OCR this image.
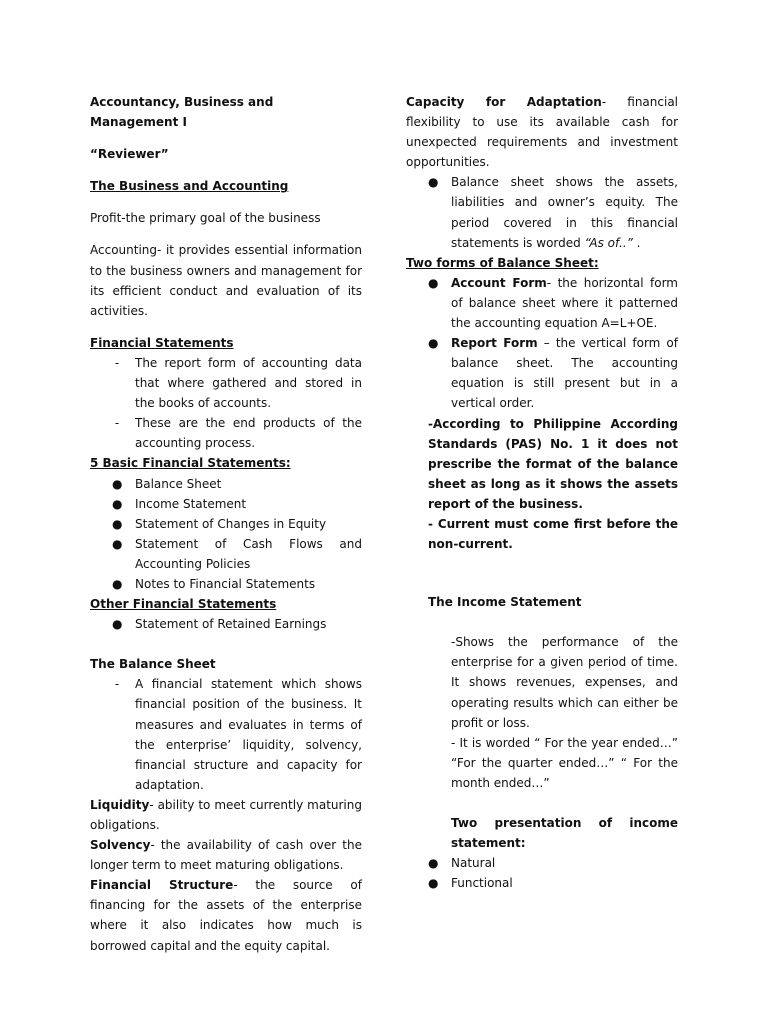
Accountancy, Business and Management I

“Reviewer”

The Business and Accounting

Profit-the primary goal of the business

Accounting- it provides essential information to the business owners and management for its efficient conduct and evaluation of its activities.

Financial Statements

- The report form of accounting data that where gathered and stored in the books of accounts.
- These are the end products of the accounting process.

5 Basic Financial Statements:

● Balance Sheet
● Income Statement
● Statement of Changes in Equity
● Statement of Cash Flows and Accounting Policies
● Notes to Financial Statements

Other Financial Statements

● Statement of Retained Earnings

The Balance Sheet

- A financial statement which shows financial position of the business. It measures and evaluates in terms of the enterprise’ liquidity, solvency, financial structure and capacity for adaptation.

Liquidity- ability to meet currently maturing obligations.

Solvency- the availability of cash over the longer term to meet maturing obligations.

Financial Structure- the source of financing for the assets of the enterprise where it also indicates how much is borrowed capital and the equity capital.

Capacity for Adaptation- financial flexibility to use its available cash for unexpected requirements and investment opportunities.

● Balance sheet shows the assets, liabilities and owner’s equity. The period covered in this financial statements is worded “As of..” .

Two forms of Balance Sheet:

● Account Form- the horizontal form of balance sheet where it patterned the accounting equation A=L+OE.
● Report Form – the vertical form of balance sheet. The accounting equation is still present but in a vertical order.

-According to Philippine According Standards (PAS) No. 1 it does not prescribe the format of the balance sheet as long as it shows the assets report of the business.

- Current must come first before the non-current.

The Income Statement

-Shows the performance of the enterprise for a given period of time. It shows revenues, expenses, and operating results which can either be profit or loss.

- It is worded “ For the year ended…” “For the quarter ended…” “ For the month ended…”

Two presentation of income statement:

● Natural
● Functional
